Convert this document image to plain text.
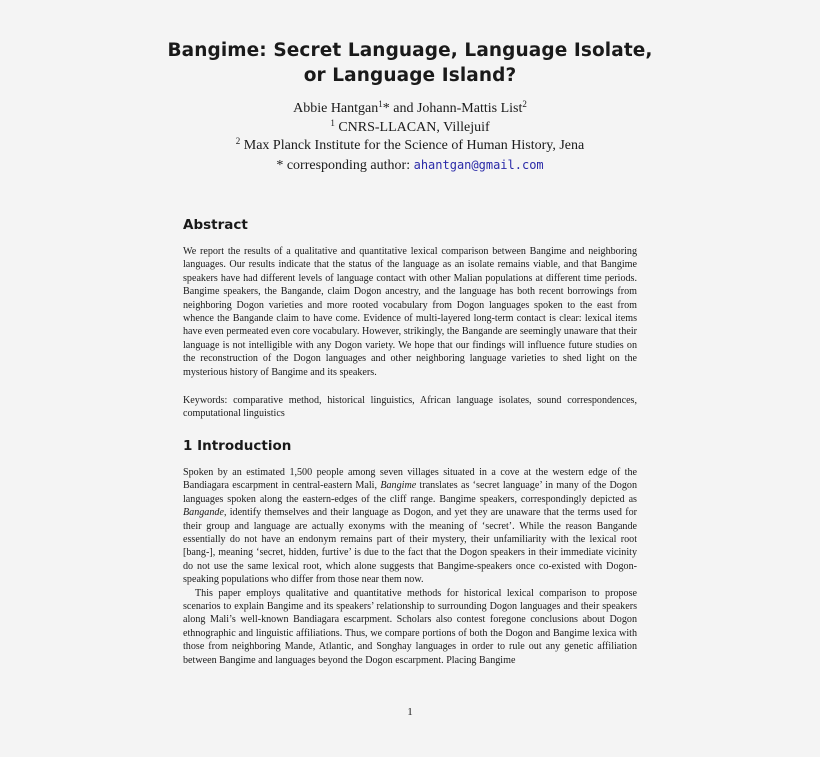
Bangime: Secret Language, Language Isolate,
or Language Island?
Abbie Hantgan$^1$* and Johann-Mattis List$^2$
$^1$ CNRS-LLACAN, Villejuif
$^2$ Max Planck Institute for the Science of Human History, Jena
* corresponding author: ahantgan@gmail.com
Abstract

We report the results of a qualitative and quantitative lexical comparison between Bangime and neighboring languages. Our results indicate that the status of the language as an isolate remains viable, and that Bangime speakers have had different levels of language contact with other Malian populations at different time periods. Bangime speakers, the Bangande, claim Dogon ancestry, and the language has both recent borrowings from neighboring Dogon varieties and more rooted vocabulary from Dogon languages spoken to the east from whence the Bangande claim to have come. Evidence of multi-layered long-term contact is clear: lexical items have even permeated even core vocabulary. However, strikingly, the Bangande are seemingly unaware that their language is not intelligible with any Dogon variety. We hope that our findings will influence future studies on the reconstruction of the Dogon languages and other neighboring language varieties to shed light on the mysterious history of Bangime and its speakers.

Keywords: comparative method, historical linguistics, African language isolates, sound correspondences, computational linguistics

1 Introduction

Spoken by an estimated 1,500 people among seven villages situated in a cove at the western edge of the Bandiagara escarpment in central-eastern Mali, Bangime translates as ‘secret language’ in many of the Dogon languages spoken along the eastern-edges of the cliff range. Bangime speakers, correspondingly depicted as Bangande, identify themselves and their language as Dogon, and yet they are unaware that the terms used for their group and language are actually exonyms with the meaning of ‘secret’. While the reason Bangande essentially do not have an endonym remains part of their mystery, their unfamiliarity with the lexical root [bang-], meaning ‘secret, hidden, furtive’ is due to the fact that the Dogon speakers in their immediate vicinity do not use the same lexical root, which alone suggests that Bangime-speakers once co-existed with Dogon-speaking populations who differ from those near them now.

This paper employs qualitative and quantitative methods for historical lexical comparison to propose scenarios to explain Bangime and its speakers’ relationship to surrounding Dogon languages and their speakers along Mali’s well-known Bandiagara escarpment. Scholars also contest foregone conclusions about Dogon ethnographic and linguistic affiliations. Thus, we compare portions of both the Dogon and Bangime lexica with those from neighboring Mande, Atlantic, and Songhay languages in order to rule out any genetic affiliation between Bangime and languages beyond the Dogon escarpment. Placing Bangime

1
